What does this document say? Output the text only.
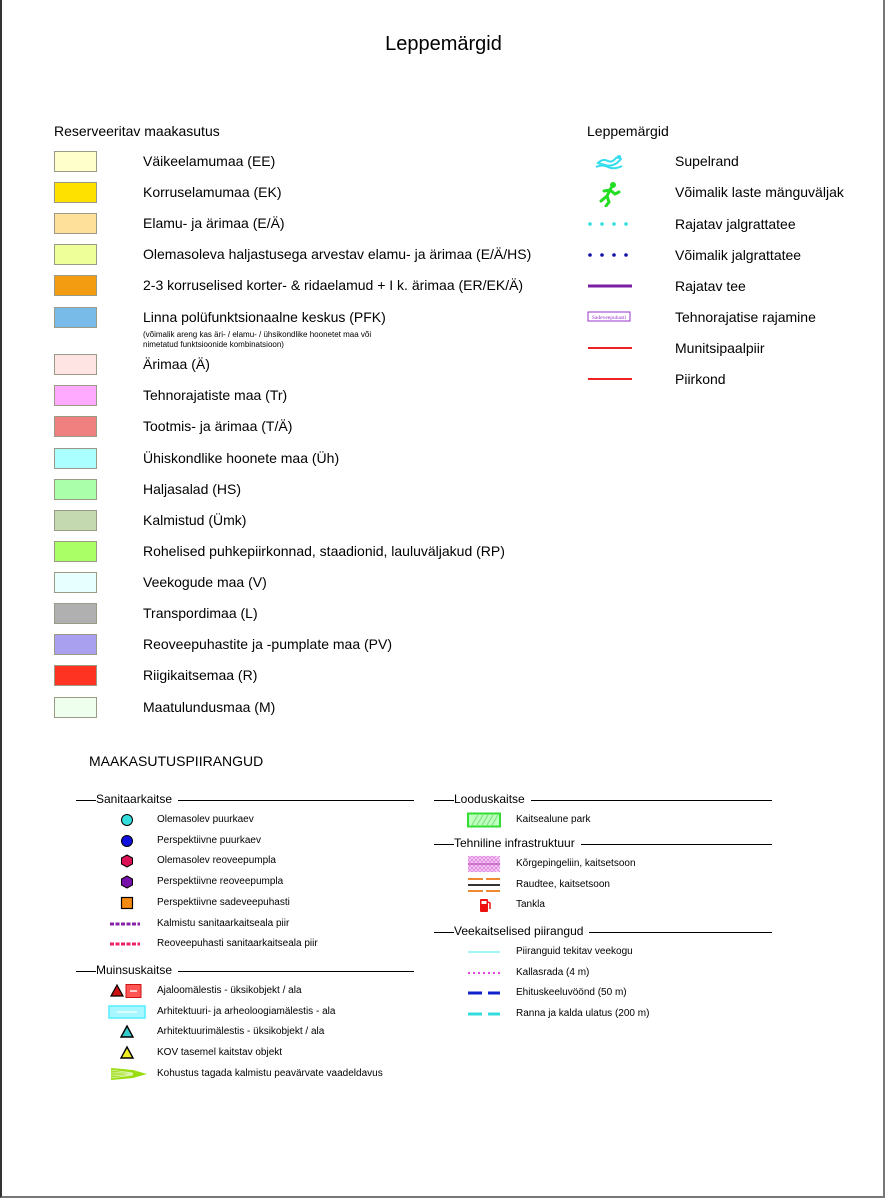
Leppemärgid
Reserveeritav maakasutus
Väikeelamumaa (EE)
Korruselamumaa (EK)
Elamu- ja ärimaa (E/Ä)
Olemasoleva haljastusega arvestav elamu- ja ärimaa (E/Ä/HS)
2-3 korruselised korter- & ridaelamud + I k. ärimaa (ER/EK/Ä)
Linna polüfunktsionaalne keskus (PFK)
(võimalik areng kas äri- / elamu- / ühsikondlike hoonetet maa või nimetatud funktsioonide kombinatsioon)
Ärimaa (Ä)
Tehnorajatiste maa (Tr)
Tootmis- ja ärimaa (T/Ä)
Ühiskondlike hoonete maa (Üh)
Haljasalad (HS)
Kalmistud (Ümk)
Rohelised puhkepiirkonnad, staadionid, lauluväljakud (RP)
Veekogude maa (V)
Transpordimaa (L)
Reoveepuhastite ja -pumplate maa (PV)
Riigikaitsemaa (R)
Maatulundusmaa (M)
Leppemärgid
Supelrand
Võimalik laste mänguväljak
Rajatav jalgrattatee
Võimalik jalgrattatee
Rajatav tee
Sadeveepuhasti	Tehnorajatise rajamine
Munitsipaalpiir
Piirkond
MAAKASUTUSPIIRANGUD
Sanitaarkaitse
Olemasolev puurkaev
Perspektiivne puurkaev
Olemasolev reoveepumpla
Perspektiivne reoveepumpla
Perspektiivne sadeveepuhasti
Kalmistu sanitaarkaitseala piir
Reoveepuhasti sanitaarkaitseala piir
Muinsuskaitse
Ajaloomälestis - üksikobjekt / ala
Arhitektuuri- ja arheoloogiamälestis - ala
Arhitektuurimälestis - üksikobjekt / ala
KOV tasemel kaitstav objekt
Kohustus tagada kalmistu peavärvate vaadeldavus
Looduskaitse
Kaitsealune park
Tehniline infrastruktuur
Kõrgepingeliin, kaitsetsoon
Raudtee, kaitsetsoon
Tankla
Veekaitselised piirangud
Piiranguid tekitav veekogu
Kallasrada (4 m)
Ehituskeeluvöönd (50 m)
Ranna ja kalda ulatus (200 m)
